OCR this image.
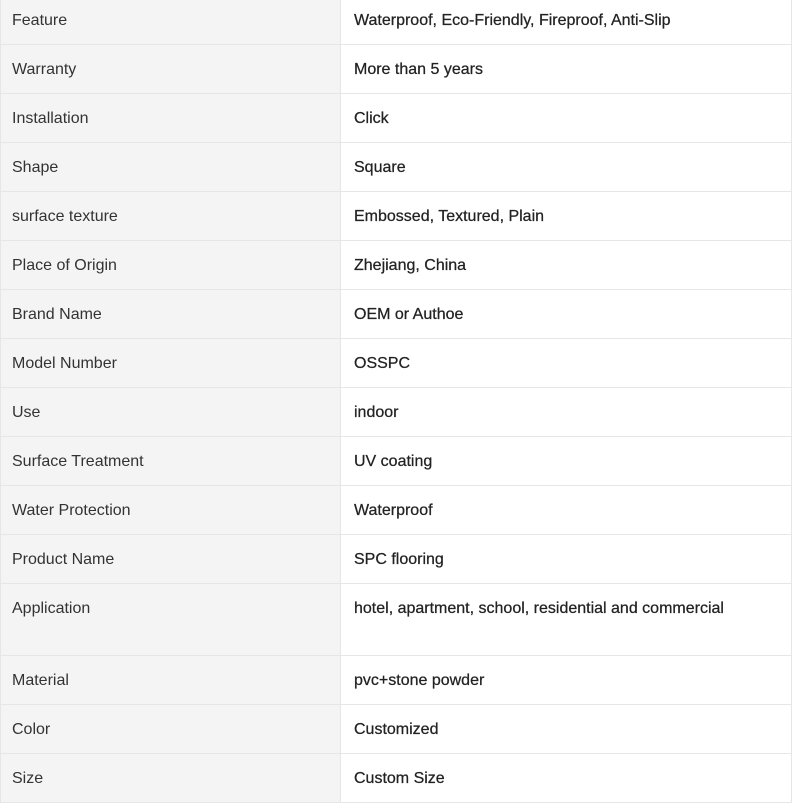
Feature	Waterproof, Eco-Friendly, Fireproof, Anti-Slip
Warranty	More than 5 years
Installation	Click
Shape	Square
surface texture	Embossed, Textured, Plain
Place of Origin	Zhejiang, China
Brand Name	OEM or Authoe
Model Number	OSSPC
Use	indoor
Surface Treatment	UV coating
Water Protection	Waterproof
Product Name	SPC flooring
Application	hotel, apartment, school, residential and commercial
Material	pvc+stone powder
Color	Customized
Size	Custom Size
